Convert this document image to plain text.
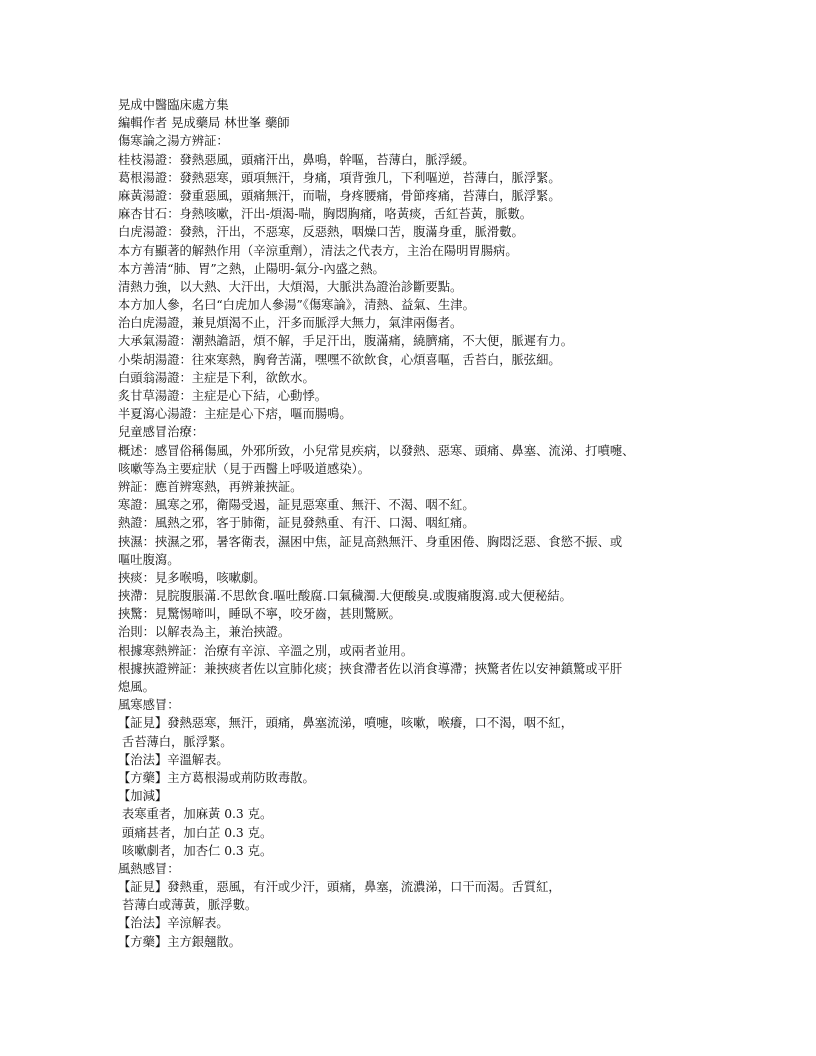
晃成中醫臨床處方集
編輯作者 晃成藥局 林世峯 藥師
傷寒論之湯方辨証：
桂枝湯證：發熱惡風，頭痛汗出，鼻鳴，幹嘔，苔薄白，脈浮緩。
葛根湯證：發熱惡寒，頭項無汗，身痛，項背強几，下利嘔逆，苔薄白，脈浮緊。
麻黃湯證：發重惡風，頭痛無汗，而喘，身疼腰痛，骨節疼痛，苔薄白，脈浮緊。
麻杏甘石：身熱咳嗽，汗出-煩渴-喘，胸悶胸痛，咯黃痰，舌紅苔黃，脈數。
白虎湯證：發熱，汗出，不惡寒，反惡熱，咽燥口苦，腹滿身重，脈滑數。
本方有顯著的解熱作用（辛涼重劑），清法之代表方，主治在陽明胃腸病。
本方善清“肺、胃”之熱，止陽明-氣分-內盛之熱。
清熱力強，以大熱、大汗出，大煩渴，大脈洪為證治診斷要點。
本方加人參，名曰“白虎加人參湯”《傷寒論》，清熱、益氣、生津。
治白虎湯證，兼見煩渴不止，汗多而脈浮大無力，氣津兩傷者。
大承氣湯證：潮熱譫語，煩不解，手足汗出，腹滿痛，繞臍痛，不大便，脈遲有力。
小柴胡湯證：往來寒熱，胸脅苦滿，嘿嘿不欲飲食，心煩喜嘔，舌苔白，脈弦細。
白頭翁湯證：主症是下利，欲飲水。
炙甘草湯證：主症是心下結，心動悸。
半夏瀉心湯證：主症是心下痞，嘔而腸鳴。
兒童感冒治療：
概述：感冒俗稱傷風，外邪所致，小兒常見疾病，以發熱、惡寒、頭痛、鼻塞、流涕、打噴嚏、
咳嗽等為主要症狀（見于西醫上呼吸道感染）。
辨証：應首辨寒熱，再辨兼挾証。
寒證：風寒之邪，衛陽受遏，証見惡寒重、無汗、不渴、咽不紅。
熱證：風熱之邪，客于肺衛，証見發熱重、有汗、口渴、咽紅痛。
挾濕：挾濕之邪，暑客衛表，濕困中焦，証見高熱無汗、身重困倦、胸悶泛惡、食慾不振、或
嘔吐腹瀉。
挾痰：見多喉鳴，咳嗽劇。
挾滯：見脘腹脹滿.不思飲食.嘔吐酸腐.口氣穢濁.大便酸臭.或腹痛腹瀉.或大便秘結。
挾驚：見驚惕啼叫，睡臥不寧，咬牙齒，甚則驚厥。
治則：以解表為主，兼治挾證。
根據寒熱辨証：治療有辛涼、辛溫之別，或兩者並用。
根據挾證辨証：兼挾痰者佐以宣肺化痰；挾食滯者佐以消食導滯；挾驚者佐以安神鎮驚或平肝
熄風。
風寒感冒：
【証見】發熱惡寒，無汗，頭痛，鼻塞流涕，噴嚏，咳嗽，喉癢，口不渴，咽不紅，
舌苔薄白，脈浮緊。
【治法】辛溫解表。
【方藥】主方葛根湯或荊防敗毒散。
【加減】
表寒重者，加麻黃 0.3 克。
頭痛甚者，加白芷 0.3 克。
咳嗽劇者，加杏仁 0.3 克。
風熱感冒：
【証見】發熱重，惡風，有汗或少汗，頭痛，鼻塞，流濃涕，口干而渴。舌質紅，
苔薄白或薄黃，脈浮數。
【治法】辛涼解表。
【方藥】主方銀翹散。
